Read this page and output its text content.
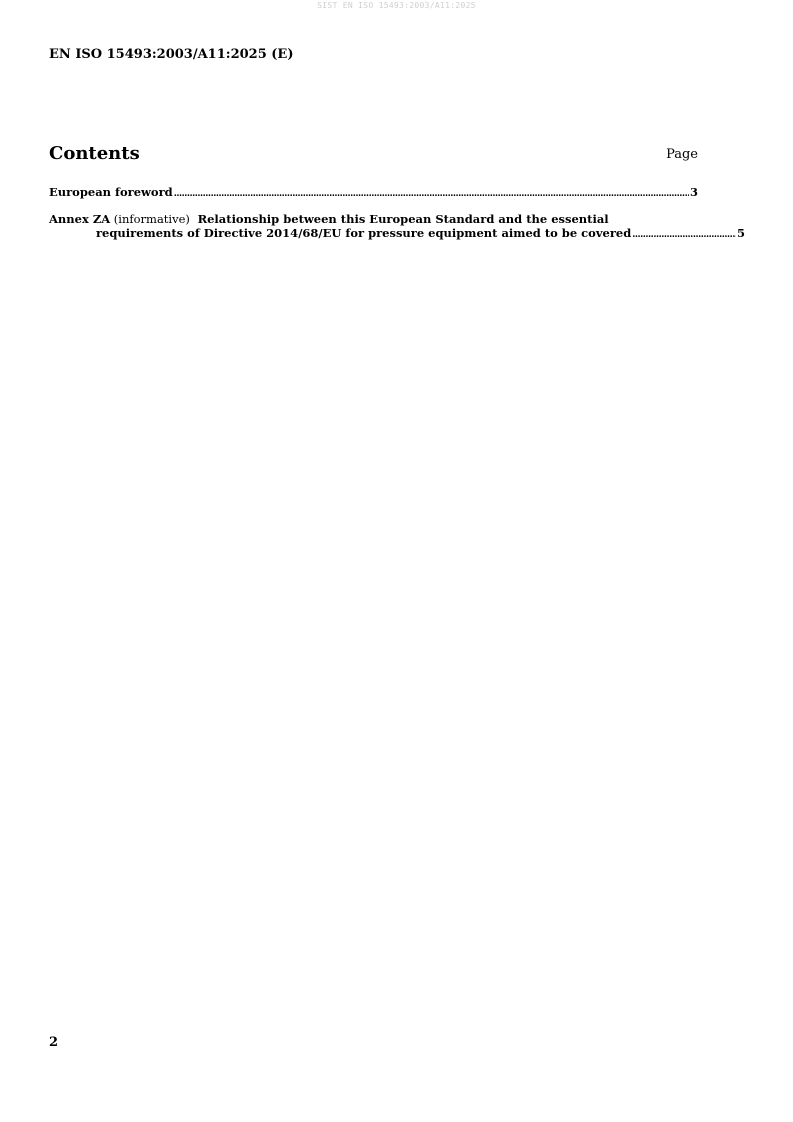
SIST EN ISO 15493:2003/A11:2025
EN ISO 15493:2003/A11:2025 (E)
Contents	Page
European foreword .....	3
Annex ZA (informative) Relationship between this European Standard and the essential
requirements of Directive 2014/68/EU for pressure equipment aimed to be covered .....	5
2
